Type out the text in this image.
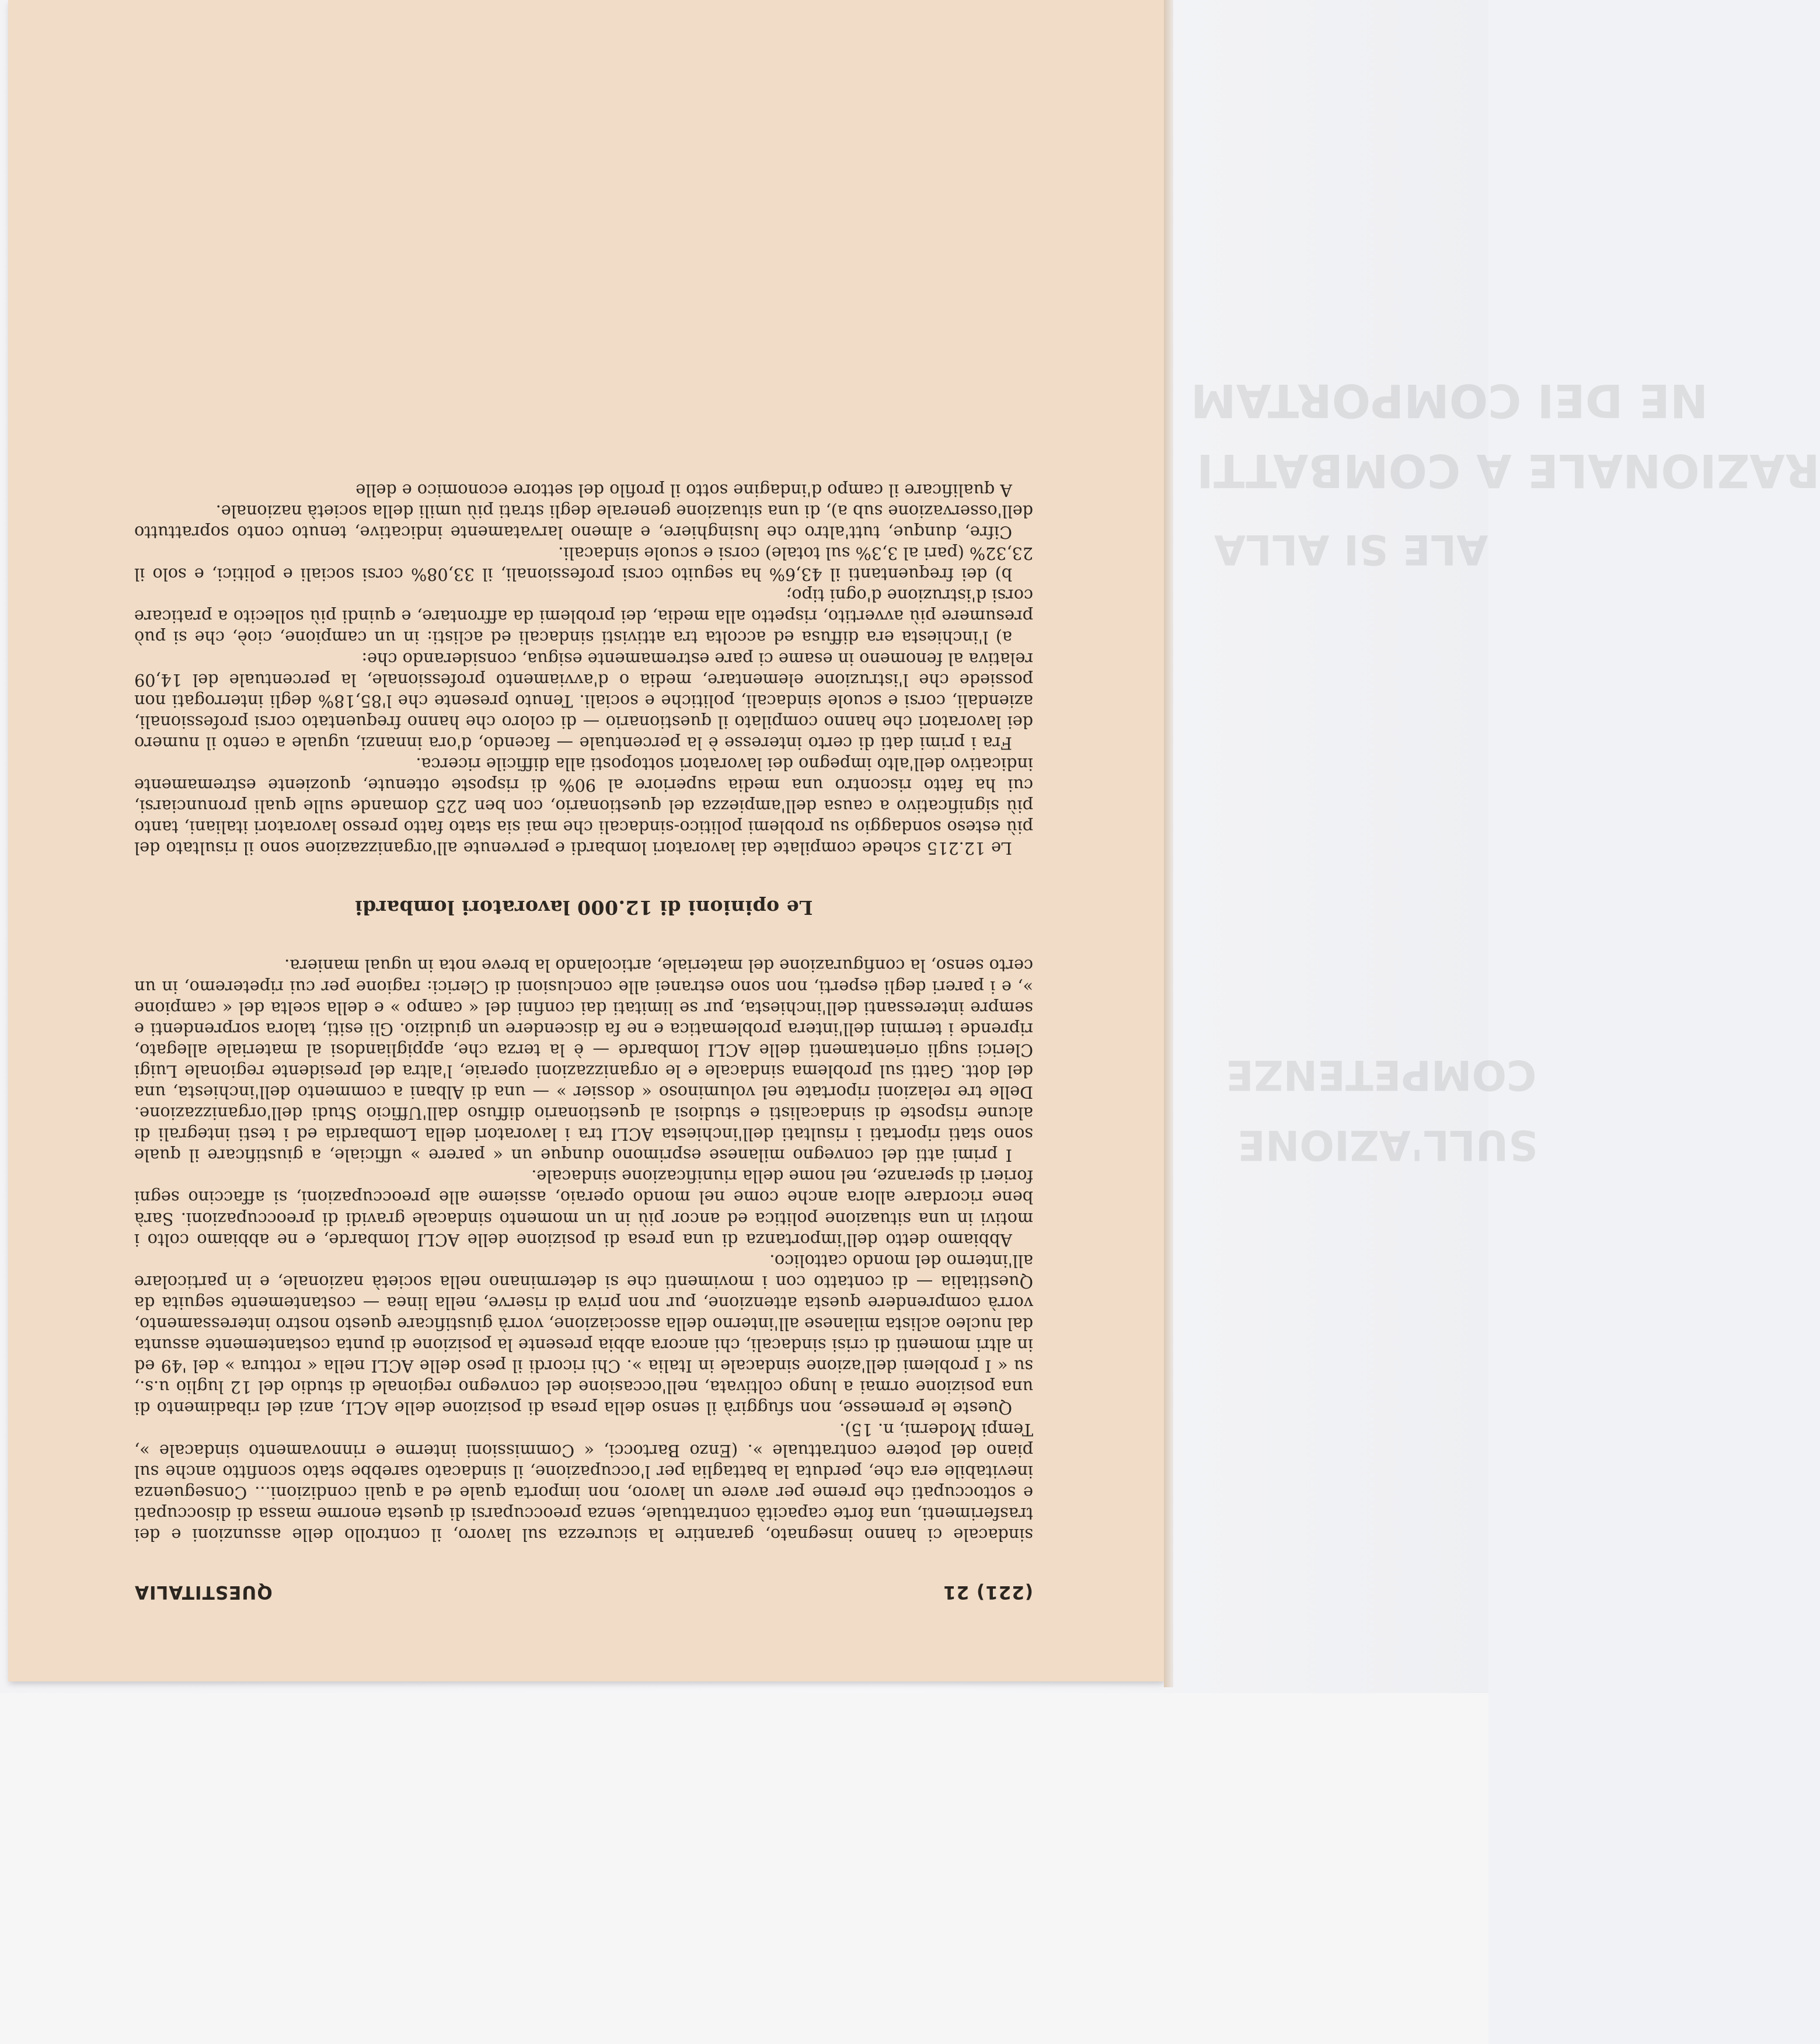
NE DEI COMPORTAM
RAZIONALE A COMBATTI
ALE SI ALLA
COMPETENZE
SULL'AZIONE
(221) 21
QUESTITALIA

sindacale ci hanno insegnato, garantire la sicurezza sul lavoro, il controllo delle assunzioni e dei trasferimenti, una forte capacità contrattuale, senza preoccuparsi di questa enorme massa di disoccupati e sottoccupati che preme per avere un lavoro, non importa quale ed a quali condizioni... Conseguenza inevitabile era che, perduta la battaglia per l'occupazione, il sindacato sarebbe stato sconfitto anche sul piano del potere contrattuale ». (Enzo Bartocci, « Commissioni interne e rinnovamento sindacale », Tempi Moderni, n. 15).

Queste le premesse, non sfuggirà il senso della presa di posizione delle ACLI, anzi del ribadimento di una posizione ormai a lungo coltivata, nell'occasione del convegno regionale di studio del 12 luglio u.s., su « I problemi dell'azione sindacale in Italia ». Chi ricordi il peso delle ACLI nella « rottura » del '49 ed in altri momenti di crisi sindacali, chi ancora abbia presente la posizione di punta costantemente assunta dal nucleo aclista milanese all'interno della associazione, vorrà giustificare questo nostro interessamento, vorrà comprendere questa attenzione, pur non priva di riserve, nella linea — costantemente seguita da Questitalia — di contatto con i movimenti che si determinano nella società nazionale, e in particolare all'interno del mondo cattolico.

Abbiamo detto dell'importanza di una presa di posizione delle ACLI lombarde, e ne abbiamo colto i motivi in una situazione politica ed ancor più in un momento sindacale gravidi di preoccupazioni. Sarà bene ricordare allora anche come nel mondo operaio, assieme alle preoccupazioni, si affaccino segni forieri di speranze, nel nome della riunificazione sindacale.

I primi atti del convegno milanese esprimono dunque un « parere » ufficiale, a giustificare il quale sono stati riportati i risultati dell'inchiesta ACLI tra i lavoratori della Lombardia ed i testi integrali di alcune risposte di sindacalisti e studiosi al questionario diffuso dall'Ufficio Studi dell'organizzazione. Delle tre relazioni riportate nel voluminoso « dossier » — una di Albani a commento dell'inchiesta, una del dott. Gatti sul problema sindacale e le organizzazioni operaie, l'altra del presidente regionale Luigi Clerici sugli orientamenti delle ACLI lombarde — è la terza che, appigliandosi al materiale allegato, riprende i termini dell'intera problematica e ne fa discendere un giudizio. Gli esiti, talora sorprendenti e sempre interessanti dell'inchiesta, pur se limitati dai confini del « campo » e della scelta del « campione », e i pareri degli esperti, non sono estranei alle conclusioni di Clerici: ragione per cui ripeteremo, in un certo senso, la configurazione del materiale, articolando la breve nota in ugual maniera.

Le opinioni di 12.000 lavoratori lombardi

Le 12.215 schede compilate dai lavoratori lombardi e pervenute all'organizzazione sono il risultato del più esteso sondaggio su problemi politico-sindacali che mai sia stato fatto presso lavoratori italiani, tanto più significativo a causa dell'ampiezza del questionario, con ben 225 domande sulle quali pronunciarsi, cui ha fatto riscontro una media superiore al 90% di risposte ottenute, quoziente estremamente indicativo dell'alto impegno dei lavoratori sottoposti alla difficile ricerca.

Fra i primi dati di certo interesse è la percentuale — facendo, d'ora innanzi, uguale a cento il numero dei lavoratori che hanno compilato il questionario — di coloro che hanno frequentato corsi professionali, aziendali, corsi e scuole sindacali, politiche e sociali. Tenuto presente che l'85,18% degli interrogati non possiede che l'istruzione elementare, media o d'avviamento professionale, la percentuale del 14,09 relativa al fenomeno in esame ci pare estremamente esigua, considerando che:

a) l'inchiesta era diffusa ed accolta tra attivisti sindacali ed aclisti: in un campione, cioè, che si può presumere più avvertito, rispetto alla media, dei problemi da affrontare, e quindi più sollecito a praticare corsi d'istruzione d'ogni tipo;

b) dei frequentanti il 43,6% ha seguito corsi professionali, il 33,08% corsi sociali e politici, e solo il 23,32% (pari al 3,3% sul totale) corsi e scuole sindacali.

Cifre, dunque, tutt'altro che lusinghiere, e almeno larvatamente indicative, tenuto conto soprattutto dell'osservazione sub a), di una situazione generale degli strati più umili della società nazionale.

A qualificare il campo d'indagine sotto il profilo del settore economico e delle
